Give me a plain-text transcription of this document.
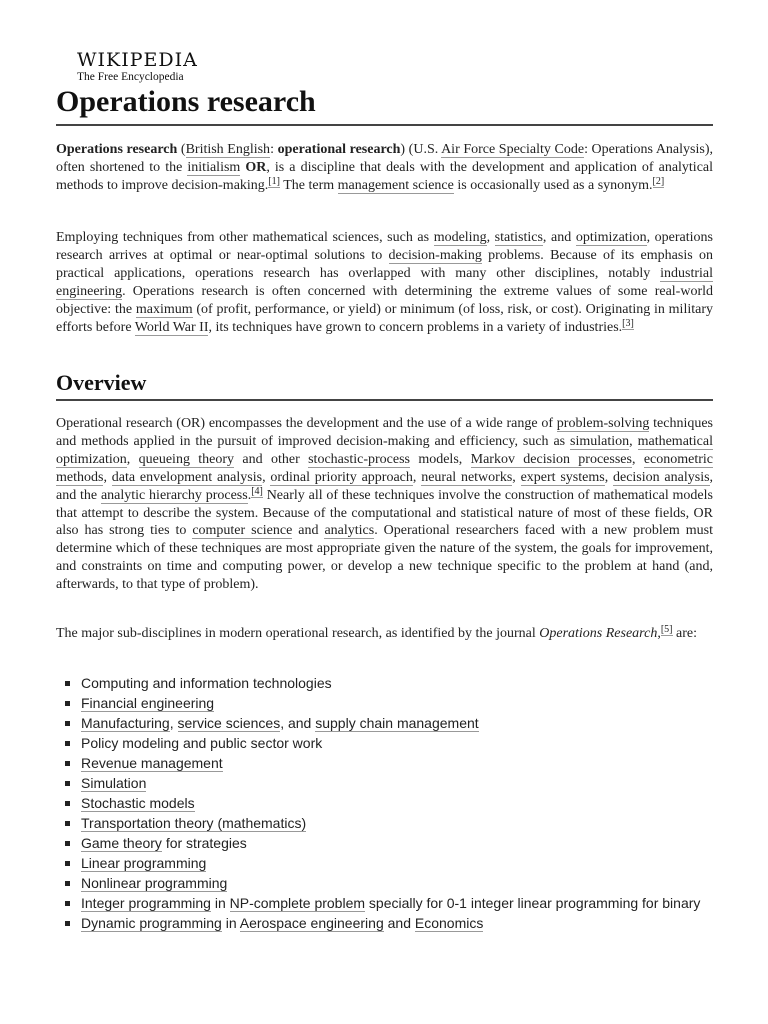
WIKIPEDIA
The Free Encyclopedia
Operations research

Operations research (British English: operational research) (U.S. Air Force Specialty Code: Operations Analysis), often shortened to the initialism OR, is a discipline that deals with the development and application of analytical methods to improve decision-making.[1] The term management science is occasionally used as a synonym.[2]

Employing techniques from other mathematical sciences, such as modeling, statistics, and optimization, operations research arrives at optimal or near-optimal solutions to decision-making problems. Because of its emphasis on practical applications, operations research has overlapped with many other disciplines, notably industrial engineering. Operations research is often concerned with determining the extreme values of some real-world objective: the maximum (of profit, performance, or yield) or minimum (of loss, risk, or cost). Originating in military efforts before World War II, its techniques have grown to concern problems in a variety of industries.[3]

Overview

Operational research (OR) encompasses the development and the use of a wide range of problem-solving techniques and methods applied in the pursuit of improved decision-making and efficiency, such as simulation, mathematical optimization, queueing theory and other stochastic-process models, Markov decision processes, econometric methods, data envelopment analysis, ordinal priority approach, neural networks, expert systems, decision analysis, and the analytic hierarchy process.[4] Nearly all of these techniques involve the construction of mathematical models that attempt to describe the system. Because of the computational and statistical nature of most of these fields, OR also has strong ties to computer science and analytics. Operational researchers faced with a new problem must determine which of these techniques are most appropriate given the nature of the system, the goals for improvement, and constraints on time and computing power, or develop a new technique specific to the problem at hand (and, afterwards, to that type of problem).

The major sub-disciplines in modern operational research, as identified by the journal Operations Research,[5] are:

Computing and information technologies
Financial engineering
Manufacturing, service sciences, and supply chain management
Policy modeling and public sector work
Revenue management
Simulation
Stochastic models
Transportation theory (mathematics)
Game theory for strategies
Linear programming
Nonlinear programming
Integer programming in NP-complete problem specially for 0-1 integer linear programming for binary
Dynamic programming in Aerospace engineering and Economics
